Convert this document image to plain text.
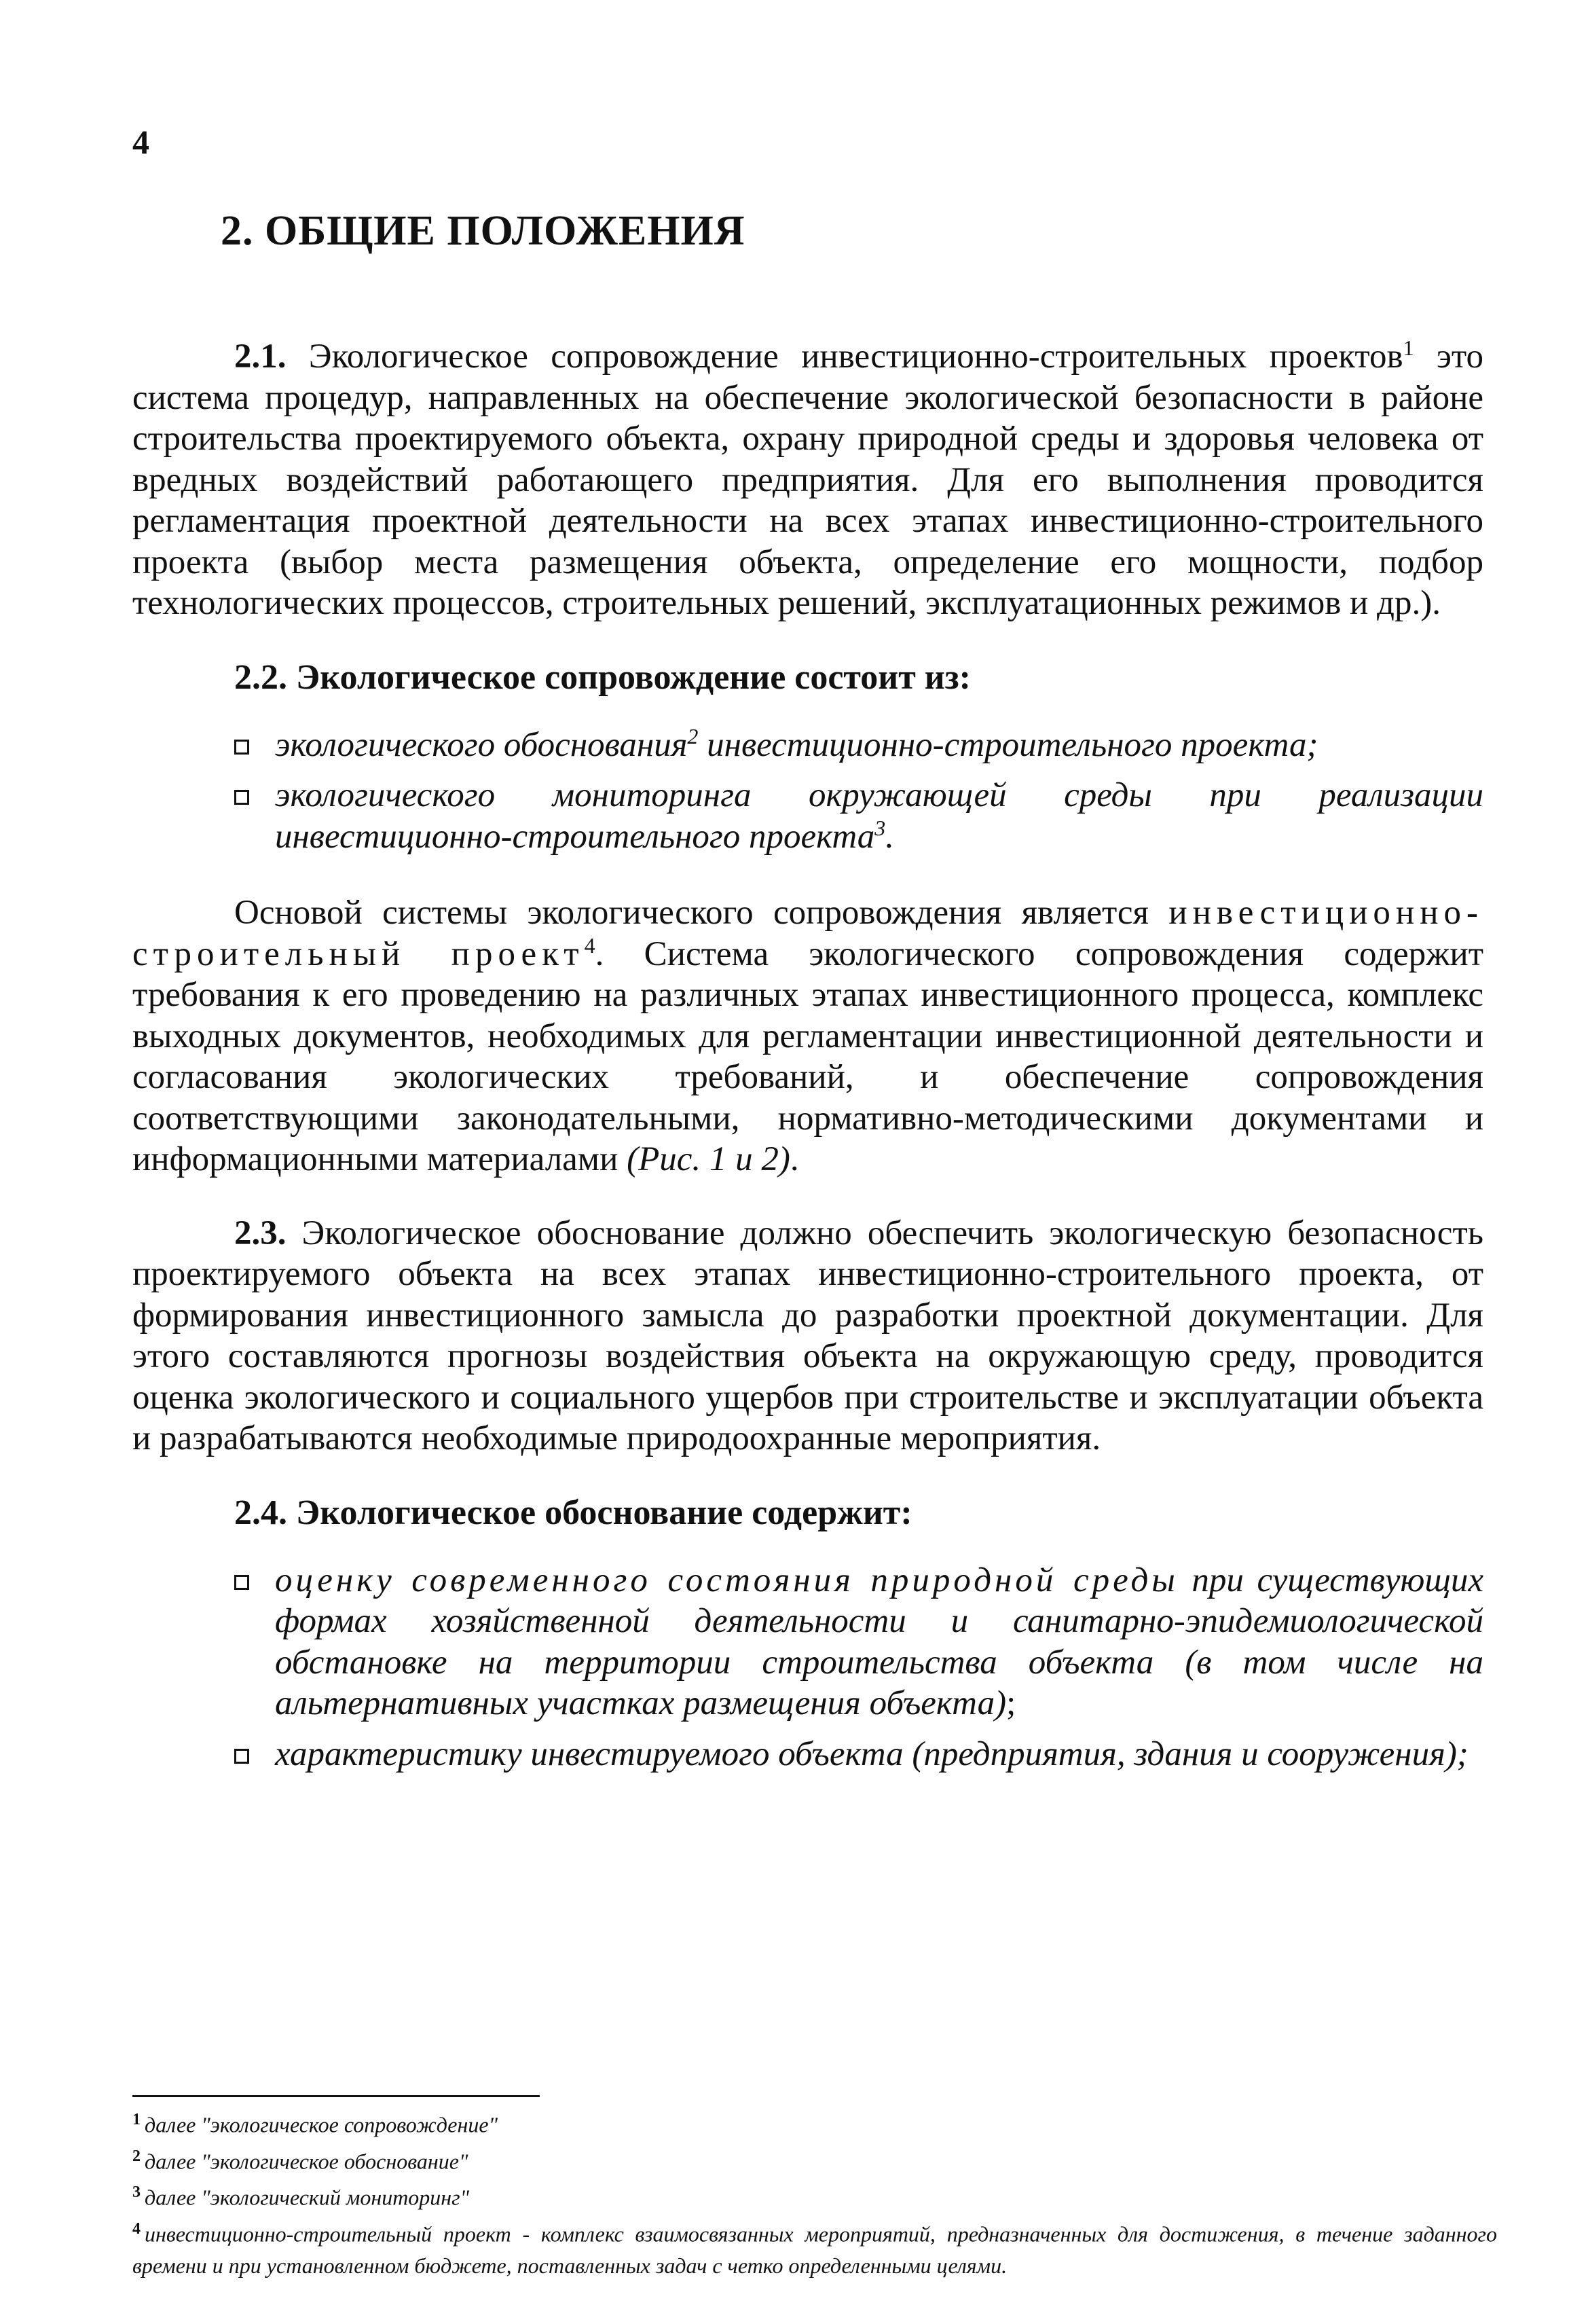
4
2. ОБЩИЕ ПОЛОЖЕНИЯ

2.1. Экологическое сопровождение инвестиционно-строительных проектов$^1$ это система процедур, направленных на обеспечение экологической безопасности в районе строительства проектируемого объекта, охрану природной среды и здоровья человека от вредных воздействий работающего предприятия. Для его выполнения проводится регламентация проектной деятельности на всех этапах инвестиционно-строительного проекта (выбор места размещения объекта, определение его мощности, подбор технологических процессов, строительных решений, эксплуатационных режимов и др.).

2.2. Экологическое сопровождение состоит из:
экологического обоснования$^2$ инвестиционно-строительного проекта;
экологического мониторинга окружающей среды при реализации инвестиционно-строительного проекта$^3$.

Основой системы экологического сопровождения является инвестиционно-строительный проект$^4$. Система экологического сопровождения содержит требования к его проведению на различных этапах инвестиционного процесса, комплекс выходных документов, необходимых для регламентации инвестиционной деятельности и согласования экологических требований, и обеспечение сопровождения соответствующими законодательными, нормативно-методическими документами и информационными материалами (Рис. 1 и 2).

2.3. Экологическое обоснование должно обеспечить экологическую безопасность проектируемого объекта на всех этапах инвестиционно-строительного проекта, от формирования инвестиционного замысла до разработки проектной документации. Для этого составляются прогнозы воздействия объекта на окружающую среду, проводится оценка экологического и социального ущербов при строительстве и эксплуатации объекта и разрабатываются необходимые природоохранные мероприятия.

2.4. Экологическое обоснование содержит:
оценку современного состояния природной среды при существующих формах хозяйственной деятельности и санитарно-эпидемиологической обстановке на территории строительства объекта (в том числе на альтернативных участках размещения объекта);
характеристику инвестируемого объекта (предприятия, здания и сооружения);
$^1$ далее "экологическое сопровождение"
$^2$ далее "экологическое обоснование"
$^3$ далее "экологический мониторинг"
$^4$ инвестиционно-строительный проект - комплекс взаимосвязанных мероприятий, предназначенных для достижения, в течение заданного времени и при установленном бюджете, поставленных задач с четко определенными целями.
